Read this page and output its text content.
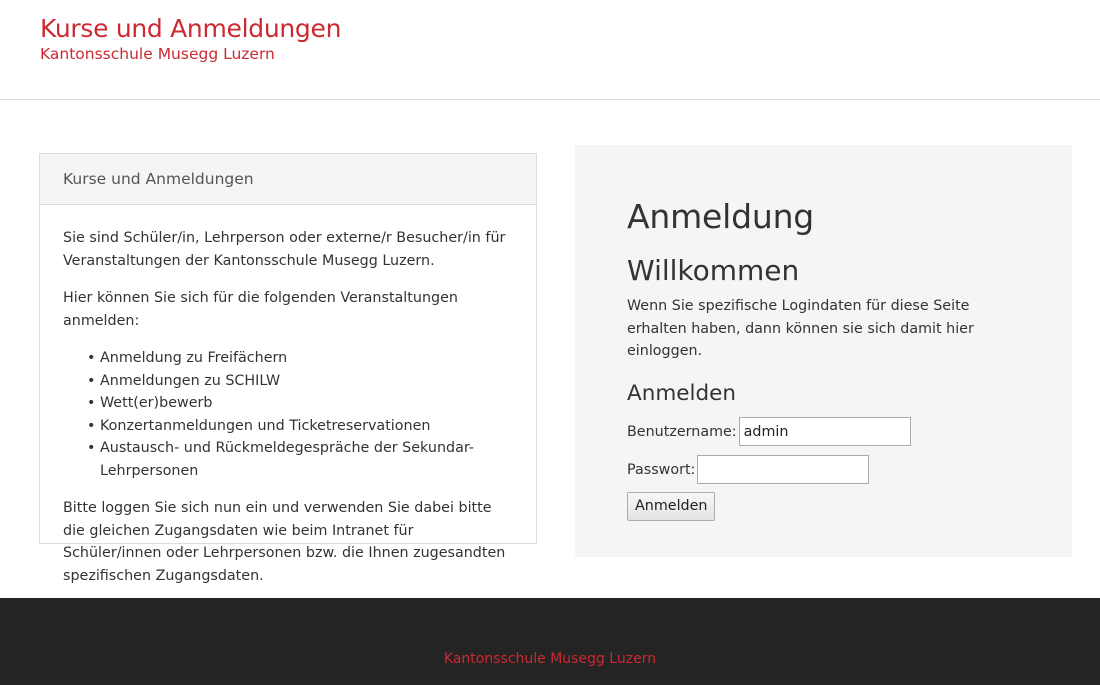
Kurse und Anmeldungen
Kantonsschule Musegg Luzern
Kurse und Anmeldungen

Sie sind Schüler/in, Lehrperson oder externe/r Besucher/in für Veranstaltungen der Kantonsschule Musegg Luzern.

Hier können Sie sich für die folgenden Veranstaltungen anmelden:

• Anmeldung zu Freifächern
• Anmeldungen zu SCHILW
• Wett(er)bewerb
• Konzertanmeldungen und Ticketreservationen
• Austausch- und Rückmeldegespräche der Sekundar-Lehrpersonen

Bitte loggen Sie sich nun ein und verwenden Sie dabei bitte die gleichen Zugangsdaten wie beim Intranet für Schüler/innen oder Lehrpersonen bzw. die Ihnen zugesandten spezifischen Zugangsdaten.

Anmeldung
Willkommen

Wenn Sie spezifische Logindaten für diese Seite erhalten haben, dann können sie sich damit hier einloggen.

Anmelden
Benutzername:
admin
Passwort:
Anmelden
Kantonsschule Musegg Luzern
